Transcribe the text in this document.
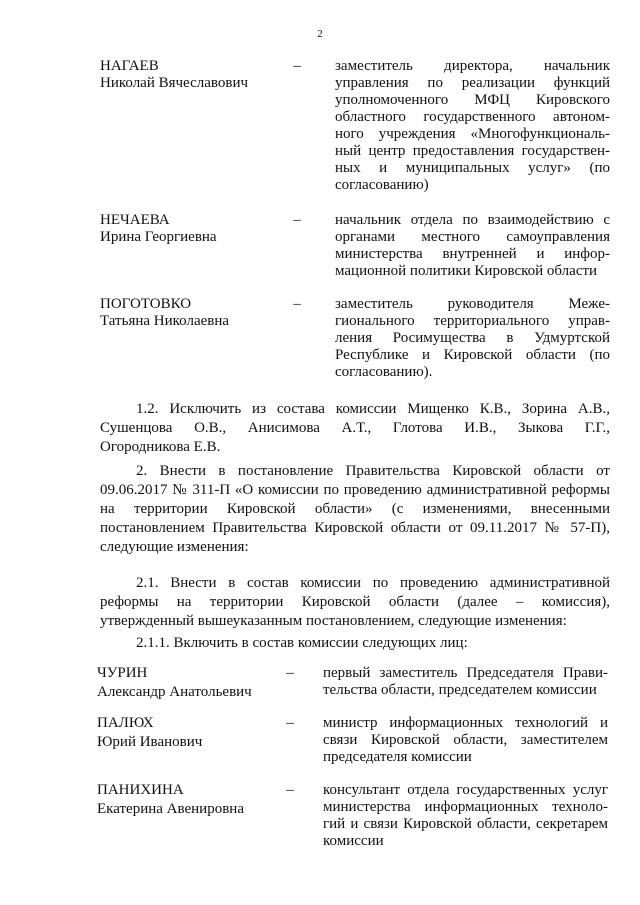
2
НАГАЕВ
Николай Вячеславович
–	заместитель директора, начальник
управления по реализации функций
уполномоченного МФЦ Кировского
областного государственного автоном-
ного учреждения «Многофункциональ-
ный центр предоставления государствен-
ных и муниципальных услуг» (по
согласованию)
НЕЧАЕВА
Ирина Георгиевна
–	начальник отдела по взаимодействию с
органами местного самоуправления
министерства внутренней и инфор-
мационной политики Кировской области
ПОГОТОВКО
Татьяна Николаевна
–	заместитель руководителя Меже-
гионального территориального управ-
ления Росимущества в Удмуртской
Республике и Кировской области (по
согласованию).
1.2. Исключить из состава комиссии Мищенко К.В., Зорина А.В.,
Сушенцова О.В., Анисимова А.Т., Глотова И.В., Зыкова Г.Г.,
Огородникова Е.В.
2. Внести в постановление Правительства Кировской области от
09.06.2017 № 311-П «О комиссии по проведению административной реформы
на территории Кировской области» (с изменениями, внесенными
постановлением Правительства Кировской области от 09.11.2017 № 57-П),
следующие изменения:
2.1. Внести в состав комиссии по проведению административной
реформы на территории Кировской области (далее – комиссия),
утвержденный вышеуказанным постановлением, следующие изменения:
2.1.1. Включить в состав комиссии следующих лиц:
ЧУРИН
Александр Анатольевич
–	первый заместитель Председателя Прави-
тельства области, председателем комиссии
ПАЛЮХ
Юрий Иванович
–	министр информационных технологий и
связи Кировской области, заместителем
председателя комиссии
ПАНИХИНА
Екатерина Авенировна
–	консультант отдела государственных услуг
министерства информационных техноло-
гий и связи Кировской области, секретарем
комиссии
